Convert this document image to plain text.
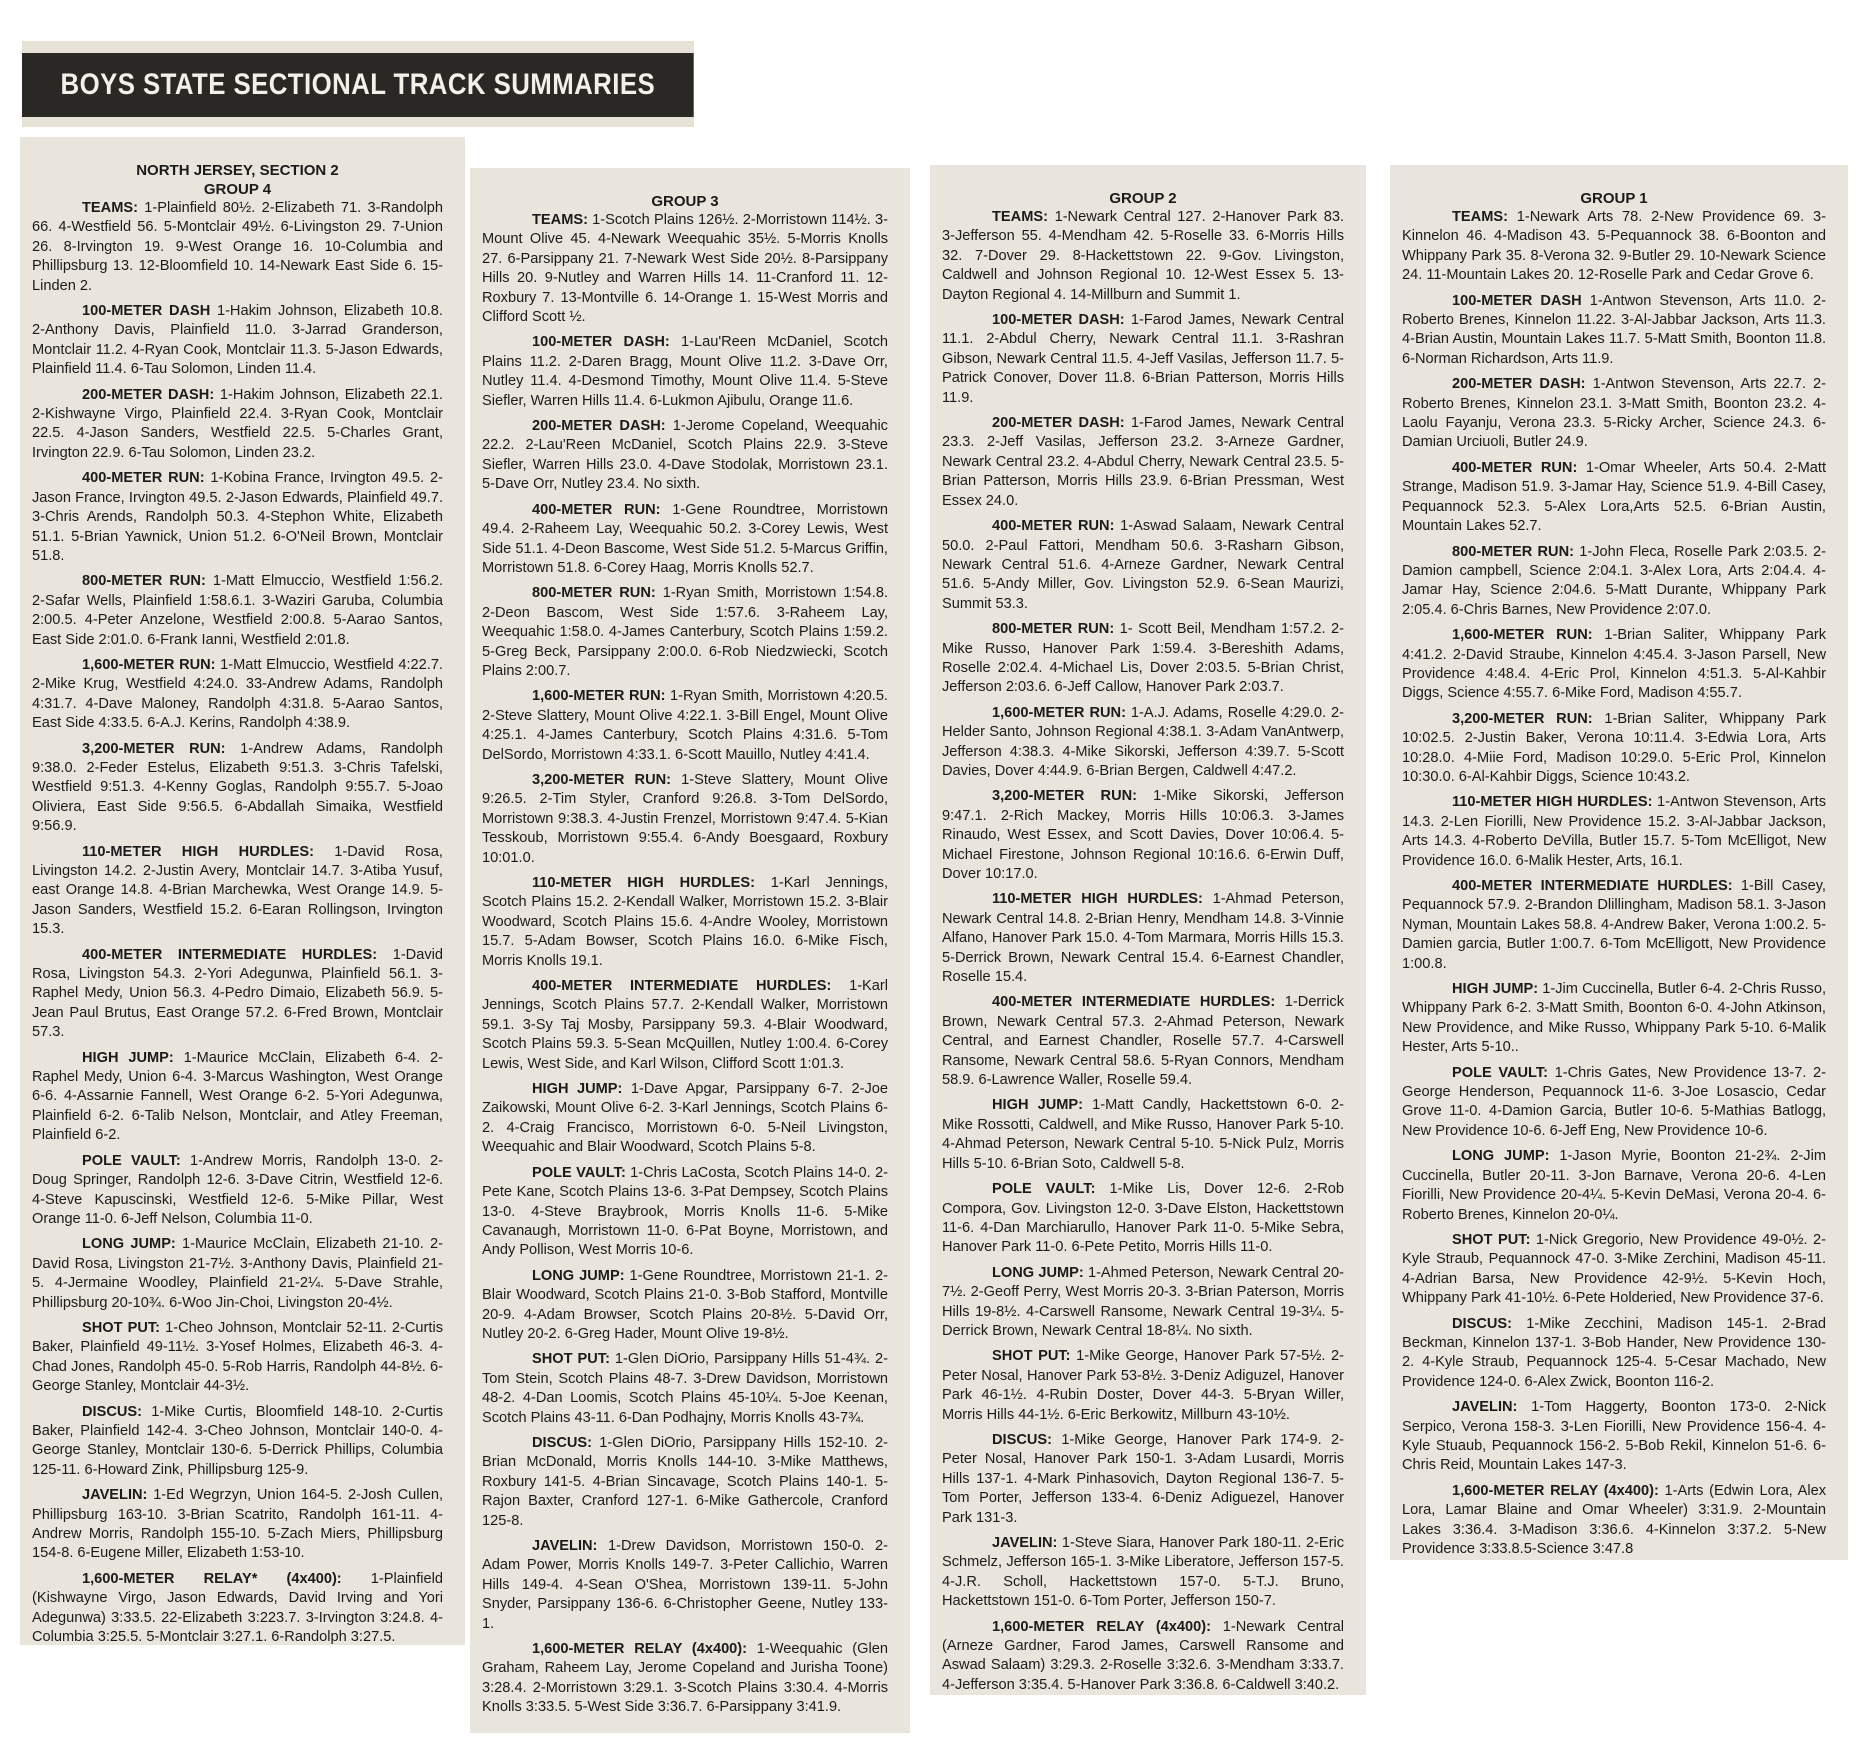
BOYS STATE SECTIONAL TRACK SUMMARIES
NORTH JERSEY, SECTION 2
GROUP 4

TEAMS: 1-Plainfield 80½. 2-Elizabeth 71. 3-Randolph 66. 4-Westfield 56. 5-Montclair 49½. 6-Livingston 29. 7-Union 26. 8-Irvington 19. 9-West Orange 16. 10-Columbia and Phillipsburg 13. 12-Bloomfield 10. 14-Newark East Side 6. 15-Linden 2.

100-METER DASH 1-Hakim Johnson, Elizabeth 10.8. 2-Anthony Davis, Plainfield 11.0. 3-Jarrad Granderson, Montclair 11.2. 4-Ryan Cook, Montclair 11.3. 5-Jason Edwards, Plainfield 11.4. 6-Tau Solomon, Linden 11.4.

200-METER DASH: 1-Hakim Johnson, Elizabeth 22.1. 2-Kishwayne Virgo, Plainfield 22.4. 3-Ryan Cook, Montclair 22.5. 4-Jason Sanders, Westfield 22.5. 5-Charles Grant, Irvington 22.9. 6-Tau Solomon, Linden 23.2.

400-METER RUN: 1-Kobina France, Irvington 49.5. 2-Jason France, Irvington 49.5. 2-Jason Edwards, Plainfield 49.7. 3-Chris Arends, Randolph 50.3. 4-Stephon White, Elizabeth 51.1. 5-Brian Yawnick, Union 51.2. 6-O'Neil Brown, Montclair 51.8.

800-METER RUN: 1-Matt Elmuccio, Westfield 1:56.2. 2-Safar Wells, Plainfield 1:58.6.1. 3-Waziri Garuba, Columbia 2:00.5. 4-Peter Anzelone, Westfield 2:00.8. 5-Aarao Santos, East Side 2:01.0. 6-Frank Ianni, Westfield 2:01.8.

1,600-METER RUN: 1-Matt Elmuccio, Westfield 4:22.7. 2-Mike Krug, Westfield 4:24.0. 33-Andrew Adams, Randolph 4:31.7. 4-Dave Maloney, Randolph 4:31.8. 5-Aarao Santos, East Side 4:33.5. 6-A.J. Kerins, Randolph 4:38.9.

3,200-METER RUN: 1-Andrew Adams, Randolph 9:38.0. 2-Feder Estelus, Elizabeth 9:51.3. 3-Chris Tafelski, Westfield 9:51.3. 4-Kenny Goglas, Randolph 9:55.7. 5-Joao Oliviera, East Side 9:56.5. 6-Abdallah Simaika, Westfield 9:56.9.

110-METER HIGH HURDLES: 1-David Rosa, Livingston 14.2. 2-Justin Avery, Montclair 14.7. 3-Atiba Yusuf, east Orange 14.8. 4-Brian Marchewka, West Orange 14.9. 5-Jason Sanders, Westfield 15.2. 6-Earan Rollingson, Irvington 15.3.

400-METER INTERMEDIATE HURDLES: 1-David Rosa, Livingston 54.3. 2-Yori Adegunwa, Plainfield 56.1. 3-Raphel Medy, Union 56.3. 4-Pedro Dimaio, Elizabeth 56.9. 5-Jean Paul Brutus, East Orange 57.2. 6-Fred Brown, Montclair 57.3.

HIGH JUMP: 1-Maurice McClain, Elizabeth 6-4. 2-Raphel Medy, Union 6-4. 3-Marcus Washington, West Orange 6-6. 4-Assarnie Fannell, West Orange 6-2. 5-Yori Adegunwa, Plainfield 6-2. 6-Talib Nelson, Montclair, and Atley Freeman, Plainfield 6-2.

POLE VAULT: 1-Andrew Morris, Randolph 13-0. 2-Doug Springer, Randolph 12-6. 3-Dave Citrin, Westfield 12-6. 4-Steve Kapuscinski, Westfield 12-6. 5-Mike Pillar, West Orange 11-0. 6-Jeff Nelson, Columbia 11-0.

LONG JUMP: 1-Maurice McClain, Elizabeth 21-10. 2-David Rosa, Livingston 21-7½. 3-Anthony Davis, Plainfield 21-5. 4-Jermaine Woodley, Plainfield 21-2¼. 5-Dave Strahle, Phillipsburg 20-10¾. 6-Woo Jin-Choi, Livingston 20-4½.

SHOT PUT: 1-Cheo Johnson, Montclair 52-11. 2-Curtis Baker, Plainfield 49-11½. 3-Yosef Holmes, Elizabeth 46-3. 4-Chad Jones, Randolph 45-0. 5-Rob Harris, Randolph 44-8½. 6-George Stanley, Montclair 44-3½.

DISCUS: 1-Mike Curtis, Bloomfield 148-10. 2-Curtis Baker, Plainfield 142-4. 3-Cheo Johnson, Montclair 140-0. 4-George Stanley, Montclair 130-6. 5-Derrick Phillips, Columbia 125-11. 6-Howard Zink, Phillipsburg 125-9.

JAVELIN: 1-Ed Wegrzyn, Union 164-5. 2-Josh Cullen, Phillipsburg 163-10. 3-Brian Scatrito, Randolph 161-11. 4-Andrew Morris, Randolph 155-10. 5-Zach Miers, Phillipsburg 154-8. 6-Eugene Miller, Elizabeth 1:53-10.

1,600-METER RELAY* (4x400): 1-Plainfield (Kishwayne Virgo, Jason Edwards, David Irving and Yori Adegunwa) 3:33.5. 22-Elizabeth 3:223.7. 3-Irvington 3:24.8. 4-Columbia 3:25.5. 5-Montclair 3:27.1. 6-Randolph 3:27.5.

GROUP 3

TEAMS: 1-Scotch Plains 126½. 2-Morristown 114½. 3-Mount Olive 45. 4-Newark Weequahic 35½. 5-Morris Knolls 27. 6-Parsippany 21. 7-Newark West Side 20½. 8-Parsippany Hills 20. 9-Nutley and Warren Hills 14. 11-Cranford 11. 12-Roxbury 7. 13-Montville 6. 14-Orange 1. 15-West Morris and Clifford Scott ½.

100-METER DASH: 1-Lau'Reen McDaniel, Scotch Plains 11.2. 2-Daren Bragg, Mount Olive 11.2. 3-Dave Orr, Nutley 11.4. 4-Desmond Timothy, Mount Olive 11.4. 5-Steve Siefler, Warren Hills 11.4. 6-Lukmon Ajibulu, Orange 11.6.

200-METER DASH: 1-Jerome Copeland, Weequahic 22.2. 2-Lau'Reen McDaniel, Scotch Plains 22.9. 3-Steve Siefler, Warren Hills 23.0. 4-Dave Stodolak, Morristown 23.1. 5-Dave Orr, Nutley 23.4. No sixth.

400-METER RUN: 1-Gene Roundtree, Morristown 49.4. 2-Raheem Lay, Weequahic 50.2. 3-Corey Lewis, West Side 51.1. 4-Deon Bascome, West Side 51.2. 5-Marcus Griffin, Morristown 51.8. 6-Corey Haag, Morris Knolls 52.7.

800-METER RUN: 1-Ryan Smith, Morristown 1:54.8. 2-Deon Bascom, West Side 1:57.6. 3-Raheem Lay, Weequahic 1:58.0. 4-James Canterbury, Scotch Plains 1:59.2. 5-Greg Beck, Parsippany 2:00.0. 6-Rob Niedzwiecki, Scotch Plains 2:00.7.

1,600-METER RUN: 1-Ryan Smith, Morristown 4:20.5. 2-Steve Slattery, Mount Olive 4:22.1. 3-Bill Engel, Mount Olive 4:25.1. 4-James Canterbury, Scotch Plains 4:31.6. 5-Tom DelSordo, Morristown 4:33.1. 6-Scott Mauillo, Nutley 4:41.4.

3,200-METER RUN: 1-Steve Slattery, Mount Olive 9:26.5. 2-Tim Styler, Cranford 9:26.8. 3-Tom DelSordo, Morristown 9:38.3. 4-Justin Frenzel, Morristown 9:47.4. 5-Kian Tesskoub, Morristown 9:55.4. 6-Andy Boesgaard, Roxbury 10:01.0.

110-METER HIGH HURDLES: 1-Karl Jennings, Scotch Plains 15.2. 2-Kendall Walker, Morristown 15.2. 3-Blair Woodward, Scotch Plains 15.6. 4-Andre Wooley, Morristown 15.7. 5-Adam Bowser, Scotch Plains 16.0. 6-Mike Fisch, Morris Knolls 19.1.

400-METER INTERMEDIATE HURDLES: 1-Karl Jennings, Scotch Plains 57.7. 2-Kendall Walker, Morristown 59.1. 3-Sy Taj Mosby, Parsippany 59.3. 4-Blair Woodward, Scotch Plains 59.3. 5-Sean McQuillen, Nutley 1:00.4. 6-Corey Lewis, West Side, and Karl Wilson, Clifford Scott 1:01.3.

HIGH JUMP: 1-Dave Apgar, Parsippany 6-7. 2-Joe Zaikowski, Mount Olive 6-2. 3-Karl Jennings, Scotch Plains 6-2. 4-Craig Francisco, Morristown 6-0. 5-Neil Livingston, Weequahic and Blair Woodward, Scotch Plains 5-8.

POLE VAULT: 1-Chris LaCosta, Scotch Plains 14-0. 2-Pete Kane, Scotch Plains 13-6. 3-Pat Dempsey, Scotch Plains 13-0. 4-Steve Braybrook, Morris Knolls 11-6. 5-Mike Cavanaugh, Morristown 11-0. 6-Pat Boyne, Morristown, and Andy Pollison, West Morris 10-6.

LONG JUMP: 1-Gene Roundtree, Morristown 21-1. 2-Blair Woodward, Scotch Plains 21-0. 3-Bob Stafford, Montville 20-9. 4-Adam Browser, Scotch Plains 20-8½. 5-David Orr, Nutley 20-2. 6-Greg Hader, Mount Olive 19-8½.

SHOT PUT: 1-Glen DiOrio, Parsippany Hills 51-4¾. 2-Tom Stein, Scotch Plains 48-7. 3-Drew Davidson, Morristown 48-2. 4-Dan Loomis, Scotch Plains 45-10¼. 5-Joe Keenan, Scotch Plains 43-11. 6-Dan Podhajny, Morris Knolls 43-7¾.

DISCUS: 1-Glen DiOrio, Parsippany Hills 152-10. 2-Brian McDonald, Morris Knolls 144-10. 3-Mike Matthews, Roxbury 141-5. 4-Brian Sincavage, Scotch Plains 140-1. 5-Rajon Baxter, Cranford 127-1. 6-Mike Gathercole, Cranford 125-8.

JAVELIN: 1-Drew Davidson, Morristown 150-0. 2-Adam Power, Morris Knolls 149-7. 3-Peter Callichio, Warren Hills 149-4. 4-Sean O'Shea, Morristown 139-11. 5-John Snyder, Parsippany 136-6. 6-Christopher Geene, Nutley 133-1.

1,600-METER RELAY (4x400): 1-Weequahic (Glen Graham, Raheem Lay, Jerome Copeland and Jurisha Toone) 3:28.4. 2-Morristown 3:29.1. 3-Scotch Plains 3:30.4. 4-Morris Knolls 3:33.5. 5-West Side 3:36.7. 6-Parsippany 3:41.9.

GROUP 2

TEAMS: 1-Newark Central 127. 2-Hanover Park 83. 3-Jefferson 55. 4-Mendham 42. 5-Roselle 33. 6-Morris Hills 32. 7-Dover 29. 8-Hackettstown 22. 9-Gov. Livingston, Caldwell and Johnson Regional 10. 12-West Essex 5. 13-Dayton Regional 4. 14-Millburn and Summit 1.

100-METER DASH: 1-Farod James, Newark Central 11.1. 2-Abdul Cherry, Newark Central 11.1. 3-Rashran Gibson, Newark Central 11.5. 4-Jeff Vasilas, Jefferson 11.7. 5-Patrick Conover, Dover 11.8. 6-Brian Patterson, Morris Hills 11.9.

200-METER DASH: 1-Farod James, Newark Central 23.3. 2-Jeff Vasilas, Jefferson 23.2. 3-Arneze Gardner, Newark Central 23.2. 4-Abdul Cherry, Newark Central 23.5. 5-Brian Patterson, Morris Hills 23.9. 6-Brian Pressman, West Essex 24.0.

400-METER RUN: 1-Aswad Salaam, Newark Central 50.0. 2-Paul Fattori, Mendham 50.6. 3-Rasharn Gibson, Newark Central 51.6. 4-Arneze Gardner, Newark Central 51.6. 5-Andy Miller, Gov. Livingston 52.9. 6-Sean Maurizi, Summit 53.3.

800-METER RUN: 1- Scott Beil, Mendham 1:57.2. 2-Mike Russo, Hanover Park 1:59.4. 3-Bereshith Adams, Roselle 2:02.4. 4-Michael Lis, Dover 2:03.5. 5-Brian Christ, Jefferson 2:03.6. 6-Jeff Callow, Hanover Park 2:03.7.

1,600-METER RUN: 1-A.J. Adams, Roselle 4:29.0. 2-Helder Santo, Johnson Regional 4:38.1. 3-Adam VanAntwerp, Jefferson 4:38.3. 4-Mike Sikorski, Jefferson 4:39.7. 5-Scott Davies, Dover 4:44.9. 6-Brian Bergen, Caldwell 4:47.2.

3,200-METER RUN: 1-Mike Sikorski, Jefferson 9:47.1. 2-Rich Mackey, Morris Hills 10:06.3. 3-James Rinaudo, West Essex, and Scott Davies, Dover 10:06.4. 5-Michael Firestone, Johnson Regional 10:16.6. 6-Erwin Duff, Dover 10:17.0.

110-METER HIGH HURDLES: 1-Ahmad Peterson, Newark Central 14.8. 2-Brian Henry, Mendham 14.8. 3-Vinnie Alfano, Hanover Park 15.0. 4-Tom Marmara, Morris Hills 15.3. 5-Derrick Brown, Newark Central 15.4. 6-Earnest Chandler, Roselle 15.4.

400-METER INTERMEDIATE HURDLES: 1-Derrick Brown, Newark Central 57.3. 2-Ahmad Peterson, Newark Central, and Earnest Chandler, Roselle 57.7. 4-Carswell Ransome, Newark Central 58.6. 5-Ryan Connors, Mendham 58.9. 6-Lawrence Waller, Roselle 59.4.

HIGH JUMP: 1-Matt Candly, Hackettstown 6-0. 2-Mike Rossotti, Caldwell, and Mike Russo, Hanover Park 5-10. 4-Ahmad Peterson, Newark Central 5-10. 5-Nick Pulz, Morris Hills 5-10. 6-Brian Soto, Caldwell 5-8.

POLE VAULT: 1-Mike Lis, Dover 12-6. 2-Rob Compora, Gov. Livingston 12-0. 3-Dave Elston, Hackettstown 11-6. 4-Dan Marchiarullo, Hanover Park 11-0. 5-Mike Sebra, Hanover Park 11-0. 6-Pete Petito, Morris Hills 11-0.

LONG JUMP: 1-Ahmed Peterson, Newark Central 20-7½. 2-Geoff Perry, West Morris 20-3. 3-Brian Paterson, Morris Hills 19-8½. 4-Carswell Ransome, Newark Central 19-3¼. 5-Derrick Brown, Newark Central 18-8¼. No sixth.

SHOT PUT: 1-Mike George, Hanover Park 57-5½. 2-Peter Nosal, Hanover Park 53-8½. 3-Deniz Adiguzel, Hanover Park 46-1½. 4-Rubin Doster, Dover 44-3. 5-Bryan Willer, Morris Hills 44-1½. 6-Eric Berkowitz, Millburn 43-10½.

DISCUS: 1-Mike George, Hanover Park 174-9. 2-Peter Nosal, Hanover Park 150-1. 3-Adam Lusardi, Morris Hills 137-1. 4-Mark Pinhasovich, Dayton Regional 136-7. 5-Tom Porter, Jefferson 133-4. 6-Deniz Adiguezel, Hanover Park 131-3.

JAVELIN: 1-Steve Siara, Hanover Park 180-11. 2-Eric Schmelz, Jefferson 165-1. 3-Mike Liberatore, Jefferson 157-5. 4-J.R. Scholl, Hackettstown 157-0. 5-T.J. Bruno, Hackettstown 151-0. 6-Tom Porter, Jefferson 150-7.

1,600-METER RELAY (4x400): 1-Newark Central (Arneze Gardner, Farod James, Carswell Ransome and Aswad Salaam) 3:29.3. 2-Roselle 3:32.6. 3-Mendham 3:33.7. 4-Jefferson 3:35.4. 5-Hanover Park 3:36.8. 6-Caldwell 3:40.2.

GROUP 1

TEAMS: 1-Newark Arts 78. 2-New Providence 69. 3-Kinnelon 46. 4-Madison 43. 5-Pequannock 38. 6-Boonton and Whippany Park 35. 8-Verona 32. 9-Butler 29. 10-Newark Science 24. 11-Mountain Lakes 20. 12-Roselle Park and Cedar Grove 6.

100-METER DASH 1-Antwon Stevenson, Arts 11.0. 2-Roberto Brenes, Kinnelon 11.22. 3-Al-Jabbar Jackson, Arts 11.3. 4-Brian Austin, Mountain Lakes 11.7. 5-Matt Smith, Boonton 11.8. 6-Norman Richardson, Arts 11.9.

200-METER DASH: 1-Antwon Stevenson, Arts 22.7. 2-Roberto Brenes, Kinnelon 23.1. 3-Matt Smith, Boonton 23.2. 4-Laolu Fayanju, Verona 23.3. 5-Ricky Archer, Science 24.3. 6-Damian Urciuoli, Butler 24.9.

400-METER RUN: 1-Omar Wheeler, Arts 50.4. 2-Matt Strange, Madison 51.9. 3-Jamar Hay, Science 51.9. 4-Bill Casey, Pequannock 52.3. 5-Alex Lora,Arts 52.5. 6-Brian Austin, Mountain Lakes 52.7.

800-METER RUN: 1-John Fleca, Roselle Park 2:03.5. 2-Damion campbell, Science 2:04.1. 3-Alex Lora, Arts 2:04.4. 4-Jamar Hay, Science 2:04.6. 5-Matt Durante, Whippany Park 2:05.4. 6-Chris Barnes, New Providence 2:07.0.

1,600-METER RUN: 1-Brian Saliter, Whippany Park 4:41.2. 2-David Straube, Kinnelon 4:45.4. 3-Jason Parsell, New Providence 4:48.4. 4-Eric Prol, Kinnelon 4:51.3. 5-Al-Kahbir Diggs, Science 4:55.7. 6-Mike Ford, Madison 4:55.7.

3,200-METER RUN: 1-Brian Saliter, Whippany Park 10:02.5. 2-Justin Baker, Verona 10:11.4. 3-Edwia Lora, Arts 10:28.0. 4-Miie Ford, Madison 10:29.0. 5-Eric Prol, Kinnelon 10:30.0. 6-Al-Kahbir Diggs, Science 10:43.2.

110-METER HIGH HURDLES: 1-Antwon Stevenson, Arts 14.3. 2-Len Fiorilli, New Providence 15.2. 3-Al-Jabbar Jackson, Arts 14.3. 4-Roberto DeVilla, Butler 15.7. 5-Tom McElligot, New Providence 16.0. 6-Malik Hester, Arts, 16.1.

400-METER INTERMEDIATE HURDLES: 1-Bill Casey, Pequannock 57.9. 2-Brandon Dlillingham, Madison 58.1. 3-Jason Nyman, Mountain Lakes 58.8. 4-Andrew Baker, Verona 1:00.2. 5-Damien garcia, Butler 1:00.7. 6-Tom McElligott, New Providence 1:00.8.

HIGH JUMP: 1-Jim Cuccinella, Butler 6-4. 2-Chris Russo, Whippany Park 6-2. 3-Matt Smith, Boonton 6-0. 4-John Atkinson, New Providence, and Mike Russo, Whippany Park 5-10. 6-Malik Hester, Arts 5-10..

POLE VAULT: 1-Chris Gates, New Providence 13-7. 2-George Henderson, Pequannock 11-6. 3-Joe Losascio, Cedar Grove 11-0. 4-Damion Garcia, Butler 10-6. 5-Mathias Batlogg, New Providence 10-6. 6-Jeff Eng, New Providence 10-6.

LONG JUMP: 1-Jason Myrie, Boonton 21-2¾. 2-Jim Cuccinella, Butler 20-11. 3-Jon Barnave, Verona 20-6. 4-Len Fiorilli, New Providence 20-4¼. 5-Kevin DeMasi, Verona 20-4. 6-Roberto Brenes, Kinnelon 20-0¼.

SHOT PUT: 1-Nick Gregorio, New Providence 49-0½. 2-Kyle Straub, Pequannock 47-0. 3-Mike Zerchini, Madison 45-11. 4-Adrian Barsa, New Providence 42-9½. 5-Kevin Hoch, Whippany Park 41-10½. 6-Pete Holderied, New Providence 37-6.

DISCUS: 1-Mike Zecchini, Madison 145-1. 2-Brad Beckman, Kinnelon 137-1. 3-Bob Hander, New Providence 130-2. 4-Kyle Straub, Pequannock 125-4. 5-Cesar Machado, New Providence 124-0. 6-Alex Zwick, Boonton 116-2.

JAVELIN: 1-Tom Haggerty, Boonton 173-0. 2-Nick Serpico, Verona 158-3. 3-Len Fiorilli, New Providence 156-4. 4-Kyle Stuaub, Pequannock 156-2. 5-Bob Rekil, Kinnelon 51-6. 6-Chris Reid, Mountain Lakes 147-3.

1,600-METER RELAY (4x400): 1-Arts (Edwin Lora, Alex Lora, Lamar Blaine and Omar Wheeler) 3:31.9. 2-Mountain Lakes 3:36.4. 3-Madison 3:36.6. 4-Kinnelon 3:37.2. 5-New Providence 3:33.8.5-Science 3:47.8
